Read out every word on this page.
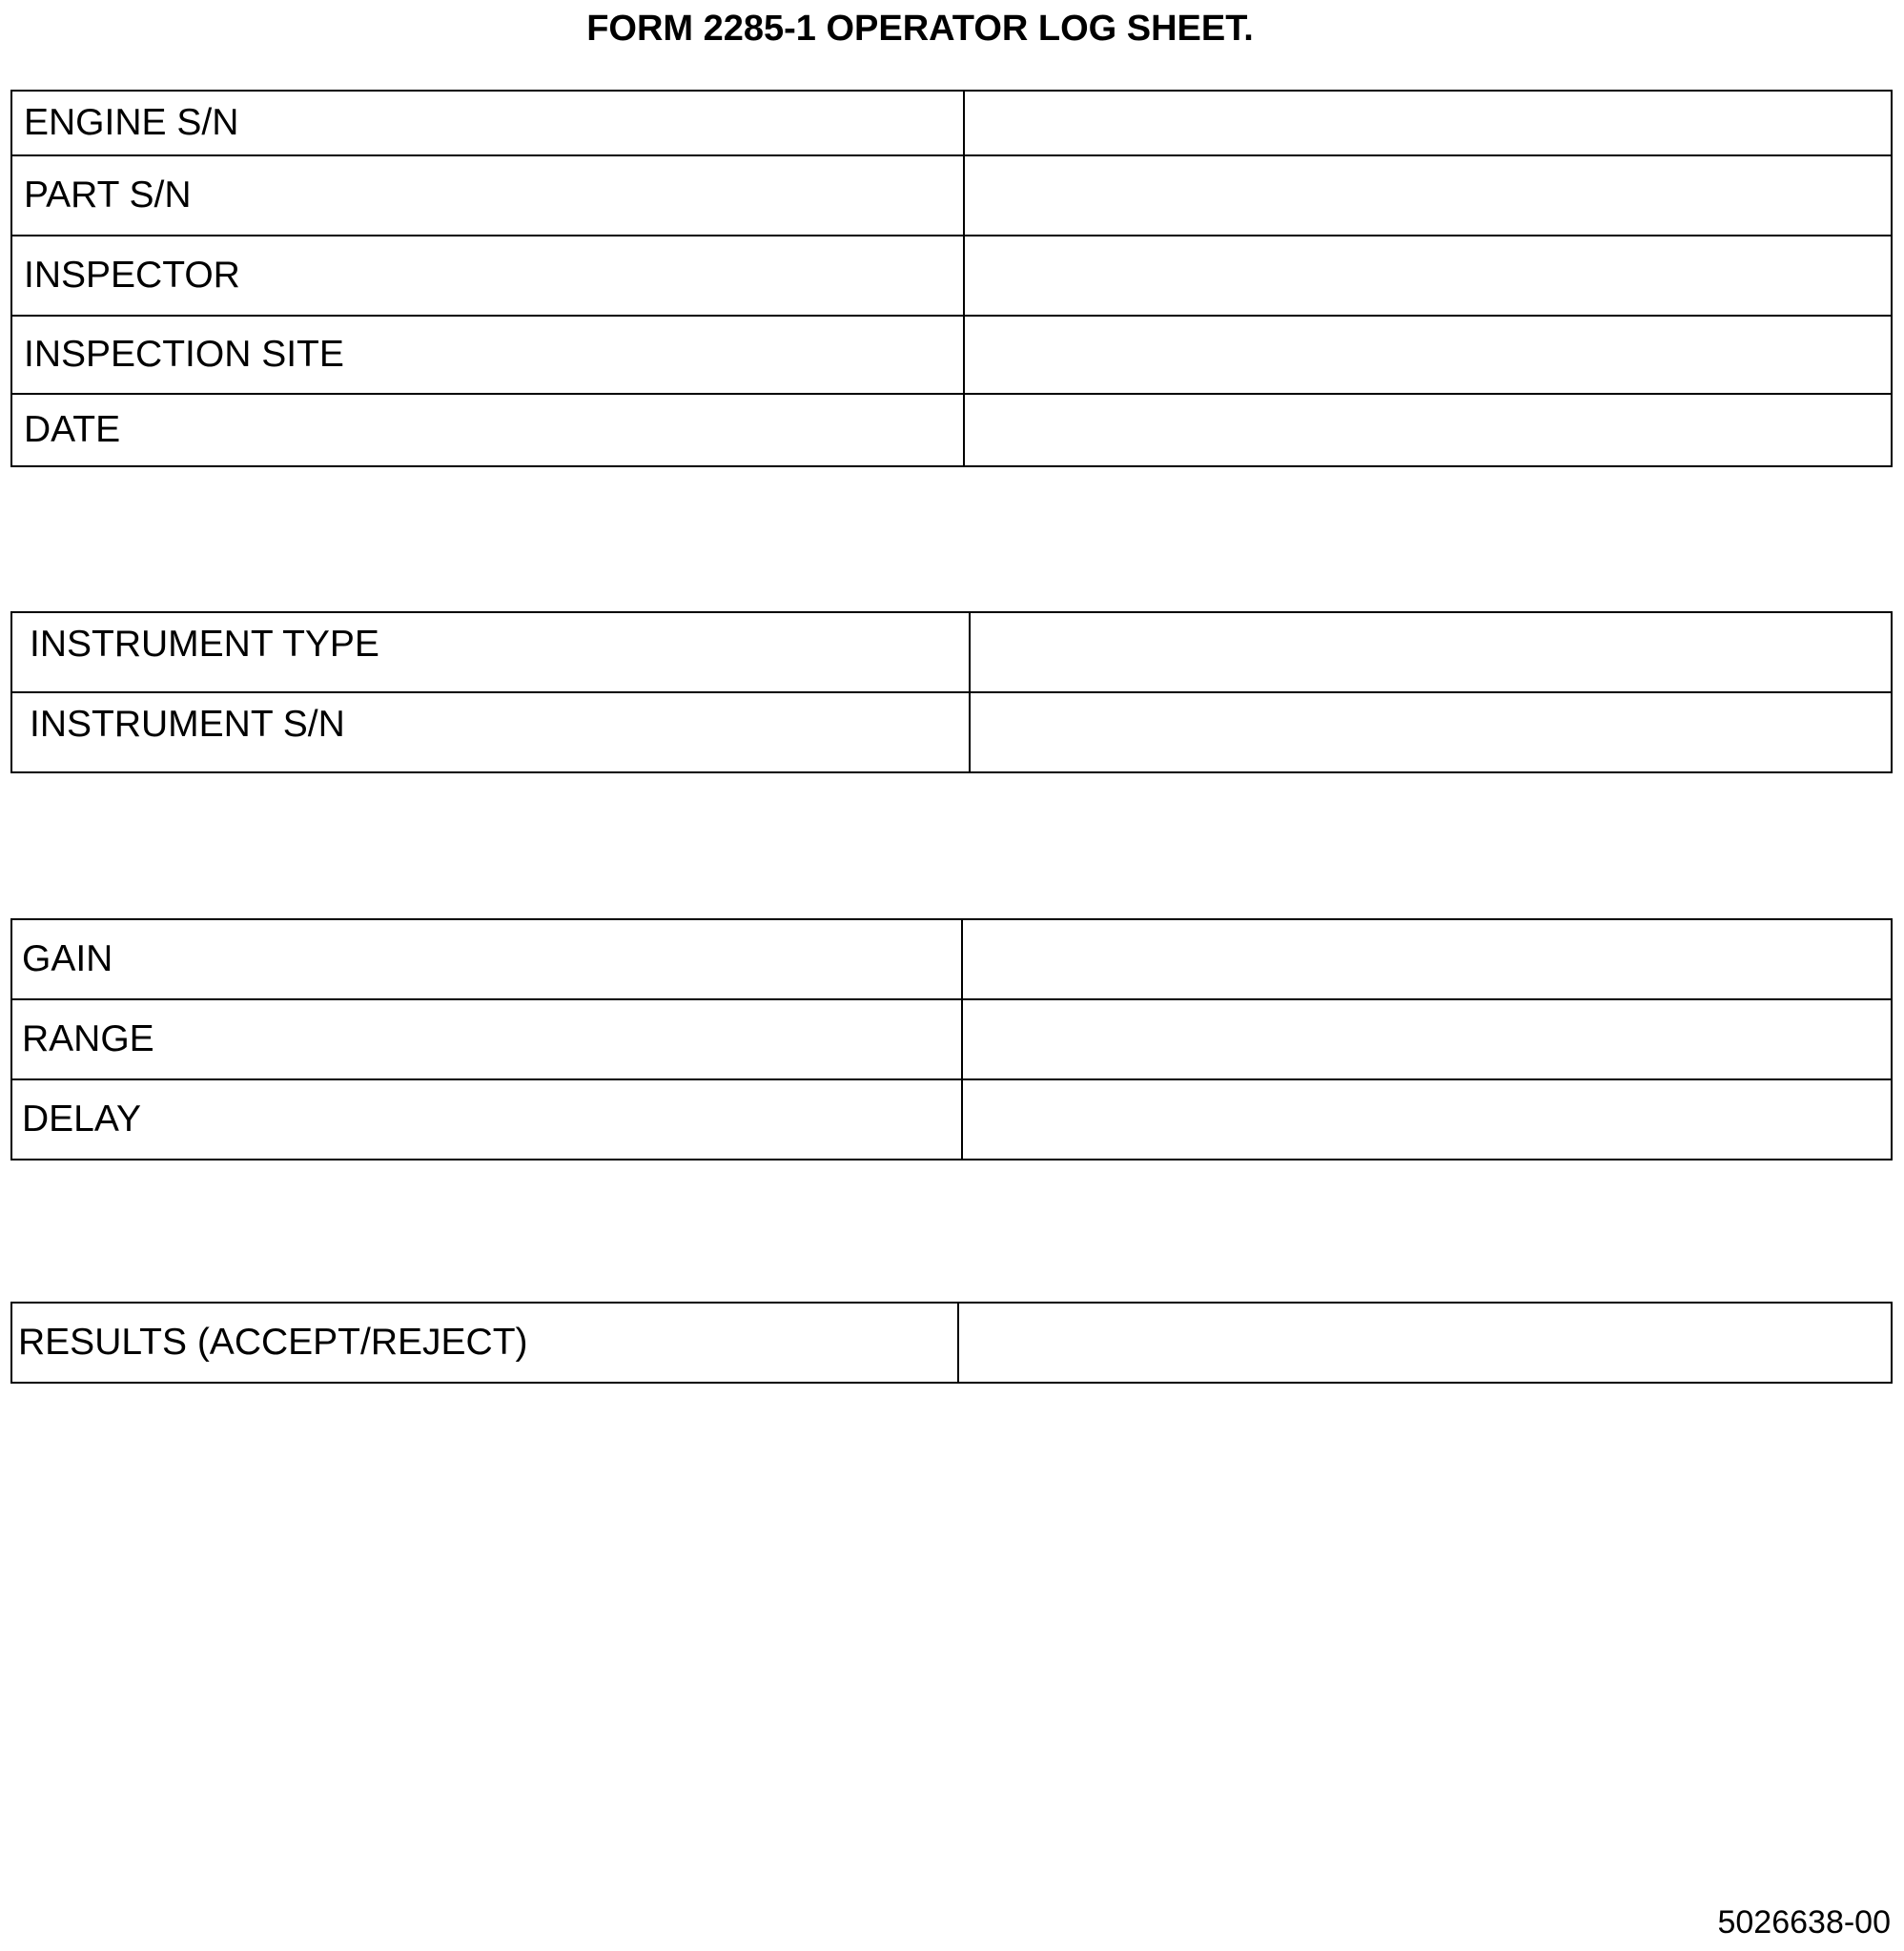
FORM 2285-1 OPERATOR LOG SHEET.
ENGINE S/N	
PART S/N	
INSPECTOR	
INSPECTION SITE	
DATE	
INSTRUMENT TYPE	
INSTRUMENT S/N	
GAIN	
RANGE	
DELAY	
RESULTS (ACCEPT/REJECT)	
5026638-00
